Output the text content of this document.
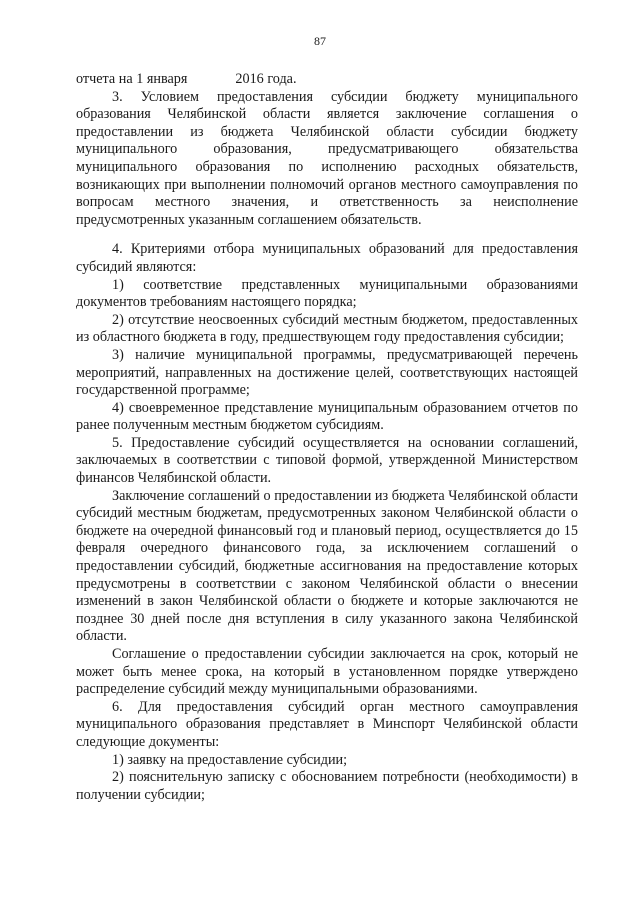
87

отчета на 1 января	2016 года.

3. Условием предоставления субсидии бюджету муниципального образования Челябинской области является заключение соглашения о предоставлении из бюджета Челябинской области субсидии бюджету муниципального образования, предусматривающего обязательства муниципального образования по исполнению расходных обязательств, возникающих при выполнении полномочий органов местного самоуправления по вопросам местного значения, и ответственность за неисполнение предусмотренных указанным соглашением обязательств.

4. Критериями отбора муниципальных образований для предоставления субсидий являются:

1) соответствие представленных муниципальными образованиями документов требованиям настоящего порядка;

2) отсутствие неосвоенных субсидий местным бюджетом, предоставленных из областного бюджета в году, предшествующем году предоставления субсидии;

3) наличие муниципальной программы, предусматривающей перечень мероприятий, направленных на достижение целей, соответствующих настоящей государственной программе;

4) своевременное представление муниципальным образованием отчетов по ранее полученным местным бюджетом субсидиям.

5. Предоставление субсидий осуществляется на основании соглашений, заключаемых в соответствии с типовой формой, утвержденной Министерством финансов Челябинской области.

Заключение соглашений о предоставлении из бюджета Челябинской области субсидий местным бюджетам, предусмотренных законом Челябинской области о бюджете на очередной финансовый год и плановый период, осуществляется до 15 февраля очередного финансового года, за исключением соглашений о предоставлении субсидий, бюджетные ассигнования на предоставление которых предусмотрены в соответствии с законом Челябинской области о внесении изменений в закон Челябинской области о бюджете и которые заключаются не позднее 30 дней после дня вступления в силу указанного закона Челябинской области.

Соглашение о предоставлении субсидии заключается на срок, который не может быть менее срока, на который в установленном порядке утверждено распределение субсидий между муниципальными образованиями.

6. Для предоставления субсидий орган местного самоуправления муниципального образования представляет в Минспорт Челябинской области следующие документы:

1) заявку на предоставление субсидии;

2) пояснительную записку с обоснованием потребности (необходимости) в получении субсидии;
